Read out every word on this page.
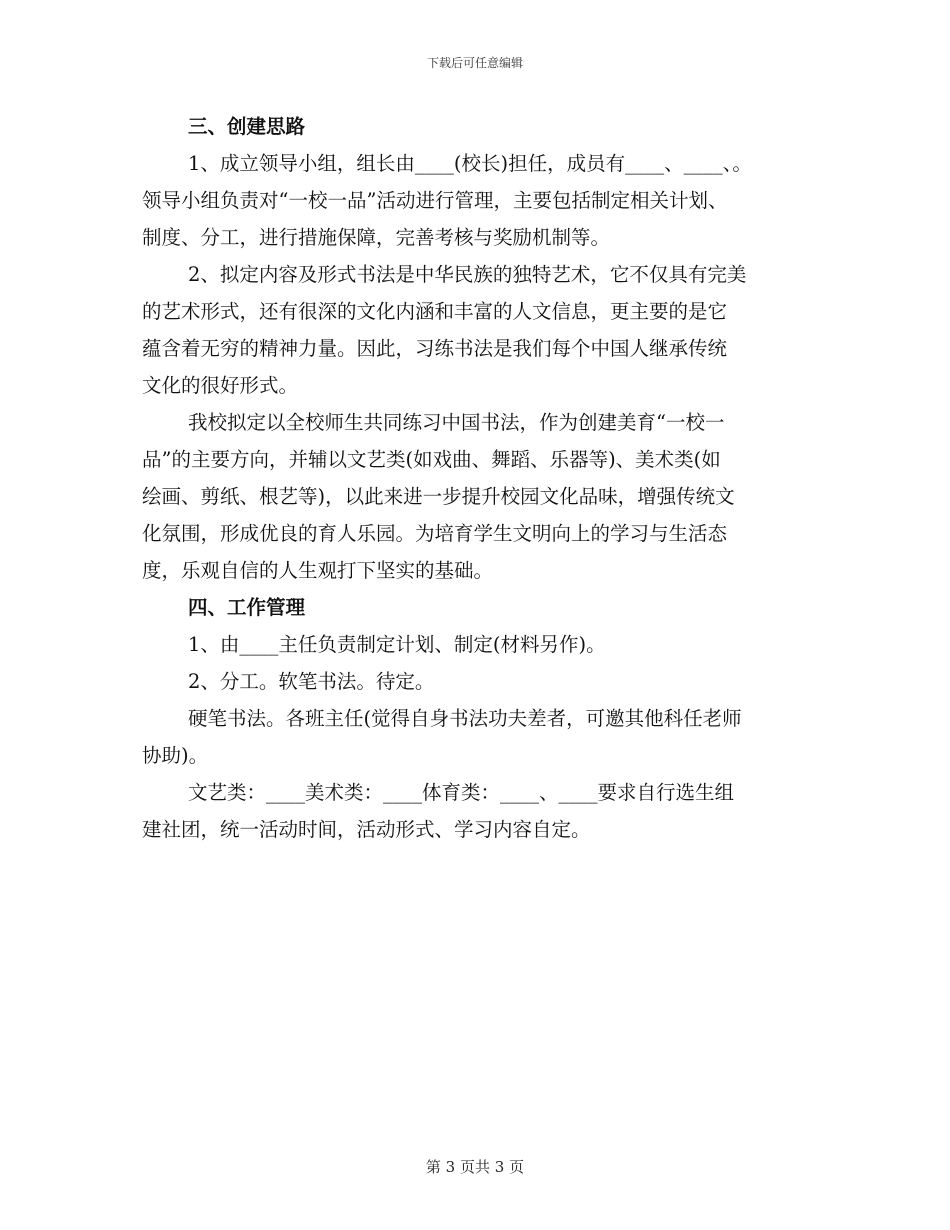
下载后可任意编辑
三、创建思路
1、成立领导小组，组长由____(校长)担任，成员有____、____、。
领导小组负责对“一校一品”活动进行管理，主要包括制定相关计划、
制度、分工，进行措施保障，完善考核与奖励机制等。
2、拟定内容及形式书法是中华民族的独特艺术，它不仅具有完美
的艺术形式，还有很深的文化内涵和丰富的人文信息，更主要的是它
蕴含着无穷的精神力量。因此，习练书法是我们每个中国人继承传统
文化的很好形式。
我校拟定以全校师生共同练习中国书法，作为创建美育“一校一
品”的主要方向，并辅以文艺类(如戏曲、舞蹈、乐器等)、美术类(如
绘画、剪纸、根艺等)，以此来进一步提升校园文化品味，增强传统文
化氛围，形成优良的育人乐园。为培育学生文明向上的学习与生活态
度，乐观自信的人生观打下坚实的基础。
四、工作管理
1、由____主任负责制定计划、制定(材料另作)。
2、分工。软笔书法。待定。
硬笔书法。各班主任(觉得自身书法功夫差者，可邀其他科任老师
协助)。
文艺类：____美术类：____体育类：____、____要求自行选生组
建社团，统一活动时间，活动形式、学习内容自定。
第 3 页共 3 页
